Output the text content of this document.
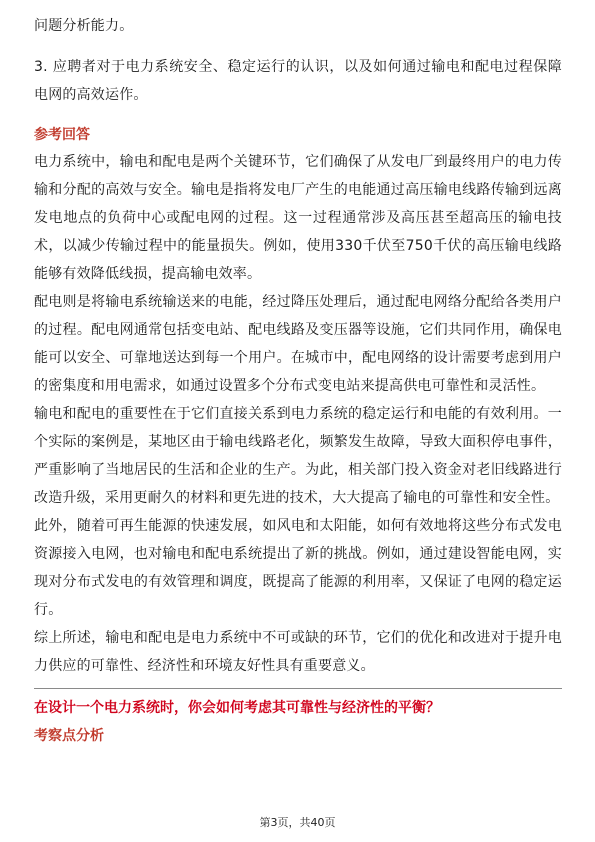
问题分析能力。

3. 应聘者对于电力系统安全、稳定运行的认识，以及如何通过输电和配电过程保障电网的高效运作。

参考回答

电力系统中，输电和配电是两个关键环节，它们确保了从发电厂到最终用户的电力传输和分配的高效与安全。输电是指将发电厂产生的电能通过高压输电线路传输到远离发电地点的负荷中心或配电网的过程。这一过程通常涉及高压甚至超高压的输电技术，以减少传输过程中的能量损失。例如，使用330千伏至750千伏的高压输电线路能够有效降低线损，提高输电效率。

配电则是将输电系统输送来的电能，经过降压处理后，通过配电网络分配给各类用户的过程。配电网通常包括变电站、配电线路及变压器等设施，它们共同作用，确保电能可以安全、可靠地送达到每一个用户。在城市中，配电网络的设计需要考虑到用户的密集度和用电需求，如通过设置多个分布式变电站来提高供电可靠性和灵活性。

输电和配电的重要性在于它们直接关系到电力系统的稳定运行和电能的有效利用。一个实际的案例是，某地区由于输电线路老化，频繁发生故障，导致大面积停电事件，严重影响了当地居民的生活和企业的生产。为此，相关部门投入资金对老旧线路进行改造升级，采用更耐久的材料和更先进的技术，大大提高了输电的可靠性和安全性。

此外，随着可再生能源的快速发展，如风电和太阳能，如何有效地将这些分布式发电资源接入电网，也对输电和配电系统提出了新的挑战。例如，通过建设智能电网，实现对分布式发电的有效管理和调度，既提高了能源的利用率，又保证了电网的稳定运行。

综上所述，输电和配电是电力系统中不可或缺的环节，它们的优化和改进对于提升电力供应的可靠性、经济性和环境友好性具有重要意义。

在设计一个电力系统时，你会如何考虑其可靠性与经济性的平衡？

考察点分析

第3页，共40页
